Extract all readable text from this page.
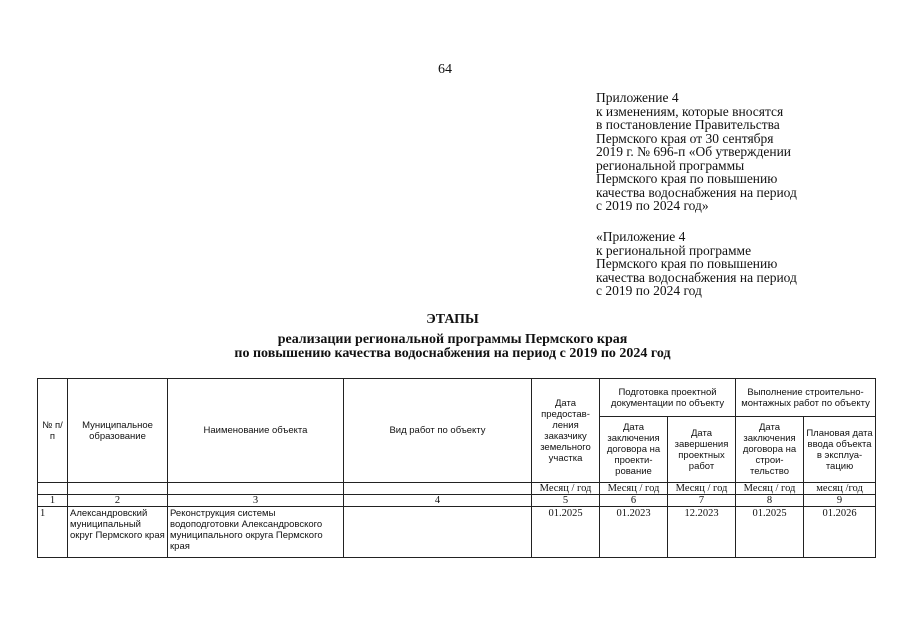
64
Приложение 4
к изменениям, которые вносятся
в постановление Правительства
Пермского края от 30 сентября
2019 г. № 696-п «Об утверждении
региональной программы
Пермского края по повышению
качества водоснабжения на период
с 2019 по 2024 год»
«Приложение 4
к региональной программе
Пермского края по повышению
качества водоснабжения на период
с 2019 по 2024 год
ЭТАПЫ
реализации региональной программы Пермского края
по повышению качества водоснабжения на период с 2019 по 2024 год
№ п/п	Муниципальное образование	Наименование объекта	Вид работ по объекту	Дата предостав-ления заказчику земельного участка	Подготовка проектной документации по объекту		Выполнение строительно-монтажных работ по объекту	
					Дата заключения договора на проекти-рование	Дата завершения проектных работ	Дата заключения договора на строи-тельство	Плановая дата ввода объекта в эксплуа-тацию
				Месяц / год	Месяц / год	Месяц / год	Месяц / год	месяц /год
1	2	3	4	5	6	7	8	9
1	Александровский муниципальный округ Пермского края	Реконструкция системы водоподготовки Александровского муниципального округа Пермского края		01.2025	01.2023	12.2023	01.2025	01.2026
